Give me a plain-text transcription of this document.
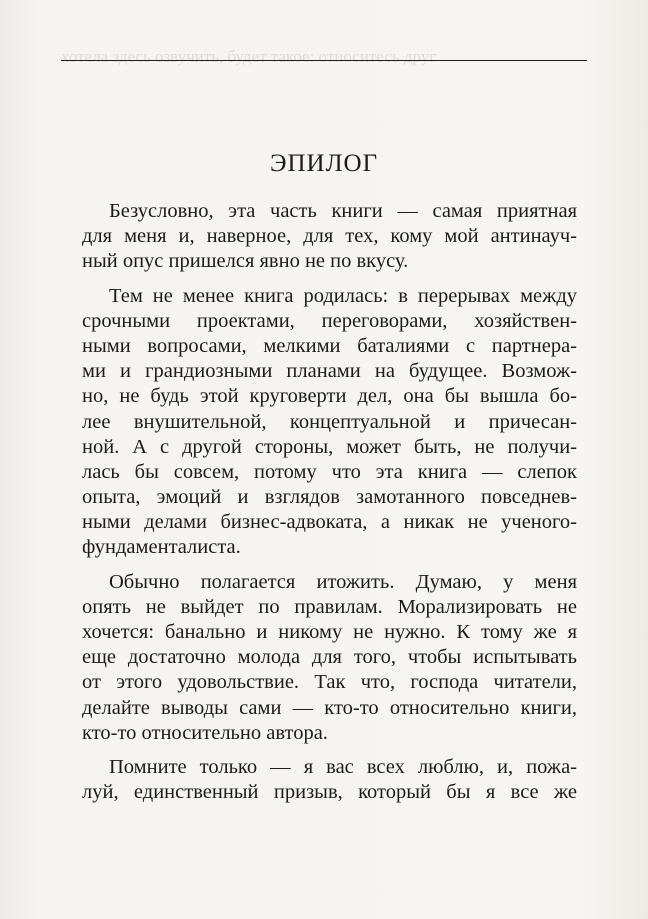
хотела здесь озвучить, будет такое: относитесь друг
ЭПИЛОГ
Безусловно, эта часть книги — самая приятная
для меня и, наверное, для тех, кому мой антинауч-
ный опус пришелся явно не по вкусу.
Тем не менее книга родилась: в перерывах между
срочными проектами, переговорами, хозяйствен-
ными вопросами, мелкими баталиями с партнера-
ми и грандиозными планами на будущее. Возмож-
но, не будь этой круговерти дел, она бы вышла бо-
лее внушительной, концептуальной и причесан-
ной. А с другой стороны, может быть, не получи-
лась бы совсем, потому что эта книга — слепок
опыта, эмоций и взглядов замотанного повседнев-
ными делами бизнес-адвоката, а никак не ученого-
фундаменталиста.
Обычно полагается итожить. Думаю, у меня
опять не выйдет по правилам. Морализировать не
хочется: банально и никому не нужно. К тому же я
еще достаточно молода для того, чтобы испытывать
от этого удовольствие. Так что, господа читатели,
делайте выводы сами — кто-то относительно книги,
кто-то относительно автора.
Помните только — я вас всех люблю, и, пожа-
луй, единственный призыв, который бы я все же
